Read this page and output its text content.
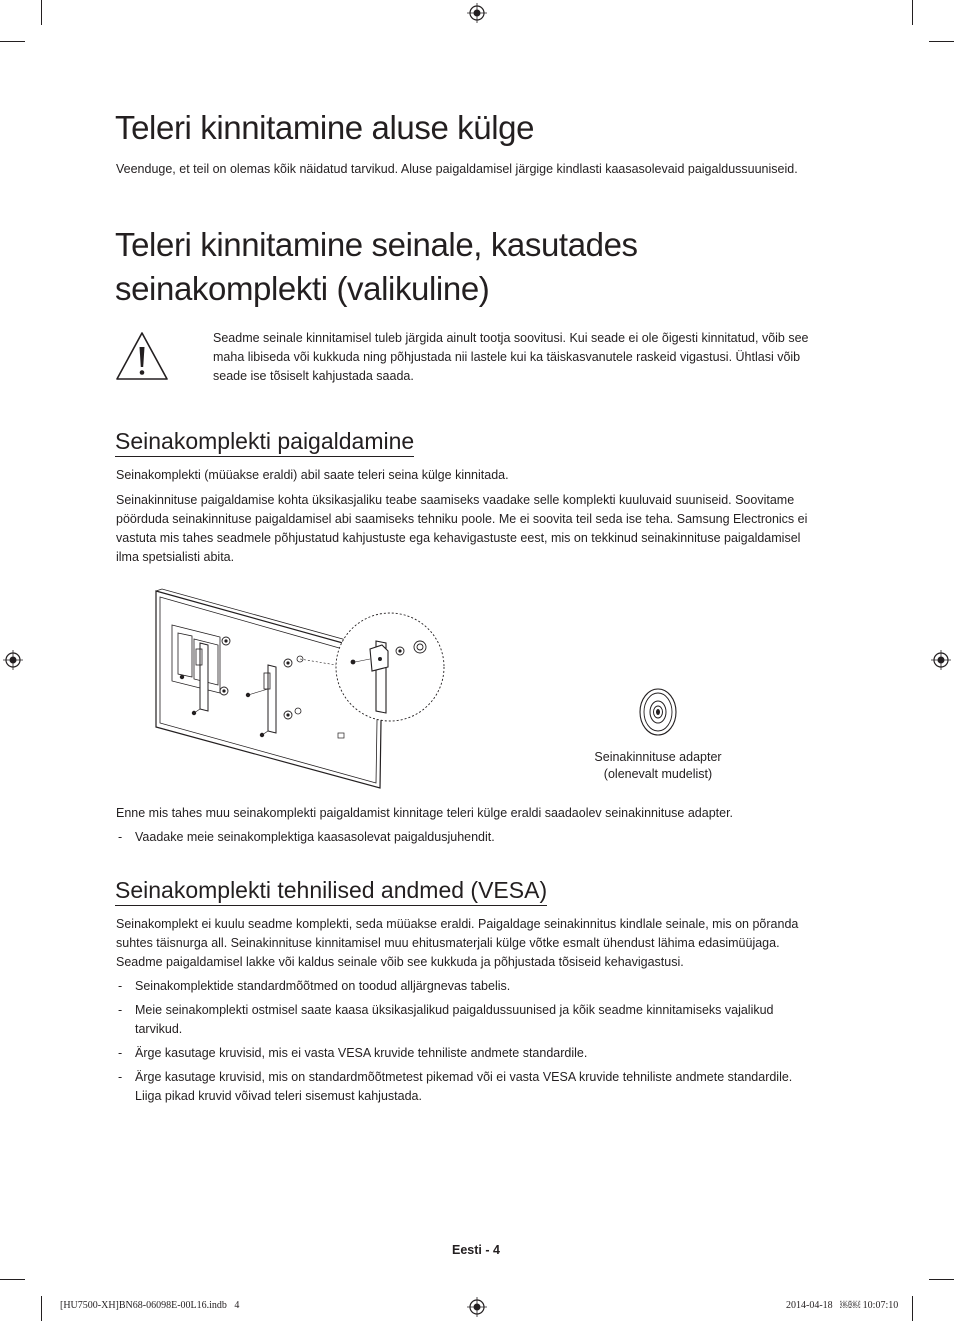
Teleri kinnitamine aluse külge

Veenduge, et teil on olemas kõik näidatud tarvikud. Aluse paigaldamisel järgige kindlasti kaasasolevaid paigaldussuuniseid.

Teleri kinnitamine seinale, kasutades
seinakomplekti (valikuline)
Seadme seinale kinnitamisel tuleb järgida ainult tootja soovitusi. Kui seade ei ole õigesti kinnitatud, võib see
maha libiseda või kukkuda ning põhjustada nii lastele kui ka täiskasvanutele raskeid vigastusi. Ühtlasi võib
seade ise tõsiselt kahjustada saada.
Seinakomplekti paigaldamine

Seinakomplekti (müüakse eraldi) abil saate teleri seina külge kinnitada.

Seinakinnituse paigaldamise kohta üksikasjaliku teabe saamiseks vaadake selle komplekti kuuluvaid suuniseid. Soovitame
pöörduda seinakinnituse paigaldamisel abi saamiseks tehniku poole. Me ei soovita teil seda ise teha. Samsung Electronics ei
vastuta mis tahes seadmele põhjustatud kahjustuste ega kehavigastuste eest, mis on tekkinud seinakinnituse paigaldamisel
ilma spetsialisti abita.
Seinakinnituse adapter
(olenevalt mudelist)

Enne mis tahes muu seinakomplekti paigaldamist kinnitage teleri külge eraldi saadaolev seinakinnituse adapter.

- Vaadake meie seinakomplektiga kaasasolevat paigaldusjuhendit.
Seinakomplekti tehnilised andmed (VESA)
Seinakomplekt ei kuulu seadme komplekti, seda müüakse eraldi. Paigaldage seinakinnitus kindlale seinale, mis on põranda
suhtes täisnurga all. Seinakinnituse kinnitamisel muu ehitusmaterjali külge võtke esmalt ühendust lähima edasimüüjaga.
Seadme paigaldamisel lakke või kaldus seinale võib see kukkuda ja põhjustada tõsiseid kehavigastusi.
- Seinakomplektide standardmõõtmed on toodud alljärgnevas tabelis.
- Meie seinakomplekti ostmisel saate kaasa üksikasjalikud paigaldussuunised ja kõik seadme kinnitamiseks vajalikud
tarvikud.
- Ärge kasutage kruvisid, mis ei vasta VESA kruvide tehniliste andmete standardile.
- Ärge kasutage kruvisid, mis on standardmõõtmetest pikemad või ei vasta VESA kruvide tehniliste andmete standardile.
Liiga pikad kruvid võivad teleri sisemust kahjustada.
Eesti - 4
[HU7500-XH]BN68-06098E-00L16.indb   4	2014-04-18   ￼￼ 10:07:10
